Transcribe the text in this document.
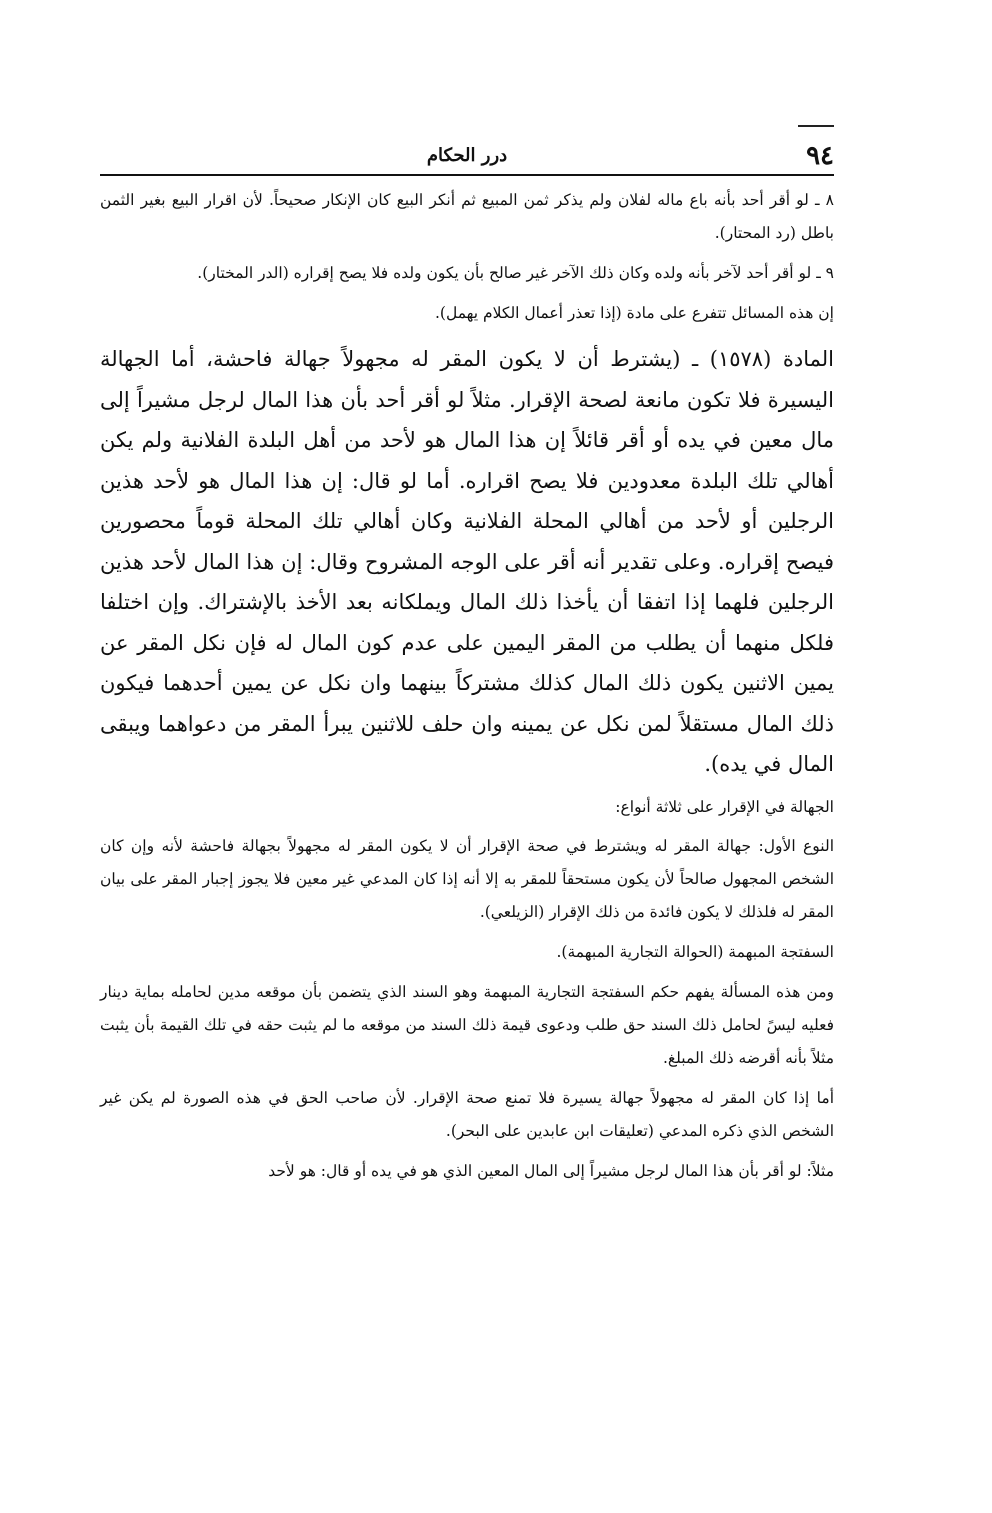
٩٤
درر الحكام

٨ ـ لو أقر أحد بأنه باع ماله لفلان ولم يذكر ثمن المبيع ثم أنكر البيع كان الإنكار صحيحاً. لأن اقرار البيع بغير الثمن باطل (رد المحتار).

٩ ـ لو أقر أحد لآخر بأنه ولده وكان ذلك الآخر غير صالح بأن يكون ولده فلا يصح إقراره (الدر المختار).

إن هذه المسائل تتفرع على مادة (إذا تعذر أعمال الكلام يهمل).

المادة (١٥٧٨) ـ (يشترط أن لا يكون المقر له مجهولاً جهالة فاحشة، أما الجهالة اليسيرة فلا تكون مانعة لصحة الإقرار. مثلاً لو أقر أحد بأن هذا المال لرجل مشيراً إلى مال معين في يده أو أقر قائلاً إن هذا المال هو لأحد من أهل البلدة الفلانية ولم يكن أهالي تلك البلدة معدودين فلا يصح اقراره. أما لو قال: إن هذا المال هو لأحد هذين الرجلين أو لأحد من أهالي المحلة الفلانية وكان أهالي تلك المحلة قوماً محصورين فيصح إقراره. وعلى تقدير أنه أقر على الوجه المشروح وقال: إن هذا المال لأحد هذين الرجلين فلهما إذا اتفقا أن يأخذا ذلك المال ويملكانه بعد الأخذ بالإشتراك. وإن اختلفا فلكل منهما أن يطلب من المقر اليمين على عدم كون المال له فإن نكل المقر عن يمين الاثنين يكون ذلك المال كذلك مشتركاً بينهما وان نكل عن يمين أحدهما فيكون ذلك المال مستقلاً لمن نكل عن يمينه وان حلف للاثنين يبرأ المقر من دعواهما ويبقى المال في يده).

الجهالة في الإقرار على ثلاثة أنواع:

النوع الأول: جهالة المقر له ويشترط في صحة الإقرار أن لا يكون المقر له مجهولاً بجهالة فاحشة لأنه وإن كان الشخص المجهول صالحاً لأن يكون مستحقاً للمقر به إلا أنه إذا كان المدعي غير معين فلا يجوز إجبار المقر على بيان المقر له فلذلك لا يكون فائدة من ذلك الإقرار (الزيلعي).

السفتجة المبهمة (الحوالة التجارية المبهمة).

ومن هذه المسألة يفهم حكم السفتجة التجارية المبهمة وهو السند الذي يتضمن بأن موقعه مدين لحامله بماية دينار فعليه ليسً لحامل ذلك السند حق طلب ودعوى قيمة ذلك السند من موقعه ما لم يثبت حقه في تلك القيمة بأن يثبت مثلاً بأنه أقرضه ذلك المبلغ.

أما إذا كان المقر له مجهولاً جهالة يسيرة فلا تمنع صحة الإقرار. لأن صاحب الحق في هذه الصورة لم يكن غير الشخص الذي ذكره المدعي (تعليقات ابن عابدين على البحر).

مثلاً: لو أقر بأن هذا المال لرجل مشيراً إلى المال المعين الذي هو في يده أو قال: هو لأحد
